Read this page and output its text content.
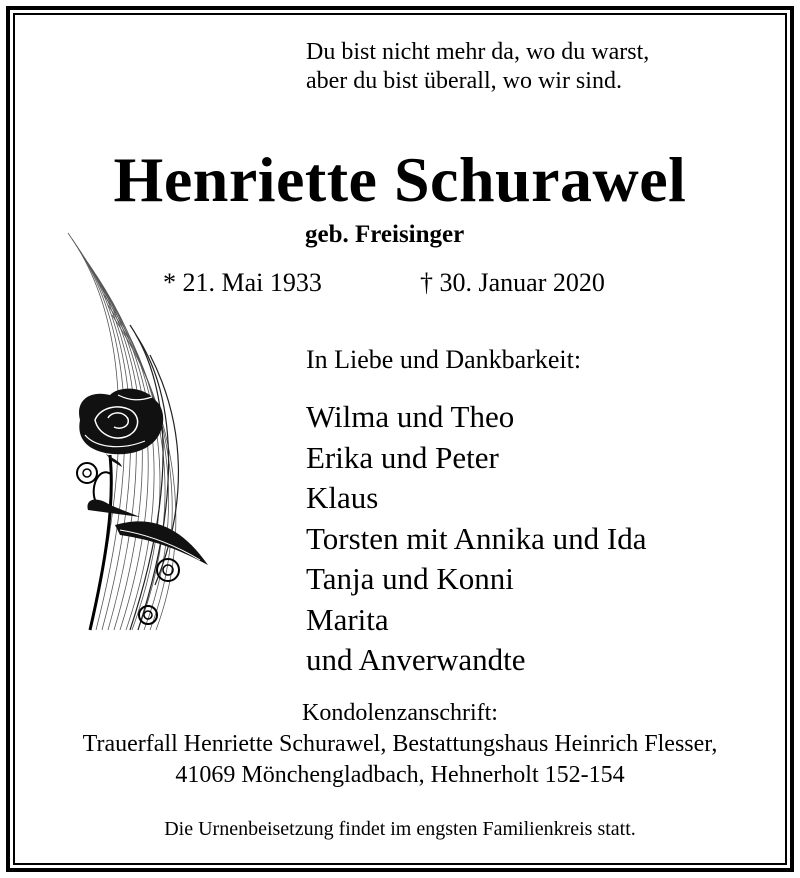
Du bist nicht mehr da, wo du warst,
aber du bist überall, wo wir sind.
Henriette Schurawel
geb. Freisinger
* 21. Mai 1933	† 30. Januar 2020
In Liebe und Dankbarkeit:
Wilma und Theo
Erika und Peter
Klaus
Torsten mit Annika und Ida
Tanja und Konni
Marita
und Anverwandte
Kondolenzanschrift:
Trauerfall Henriette Schurawel, Bestattungshaus Heinrich Flesser,
41069 Mönchengladbach, Hehnerholt 152-154
Die Urnenbeisetzung findet im engsten Familienkreis statt.
